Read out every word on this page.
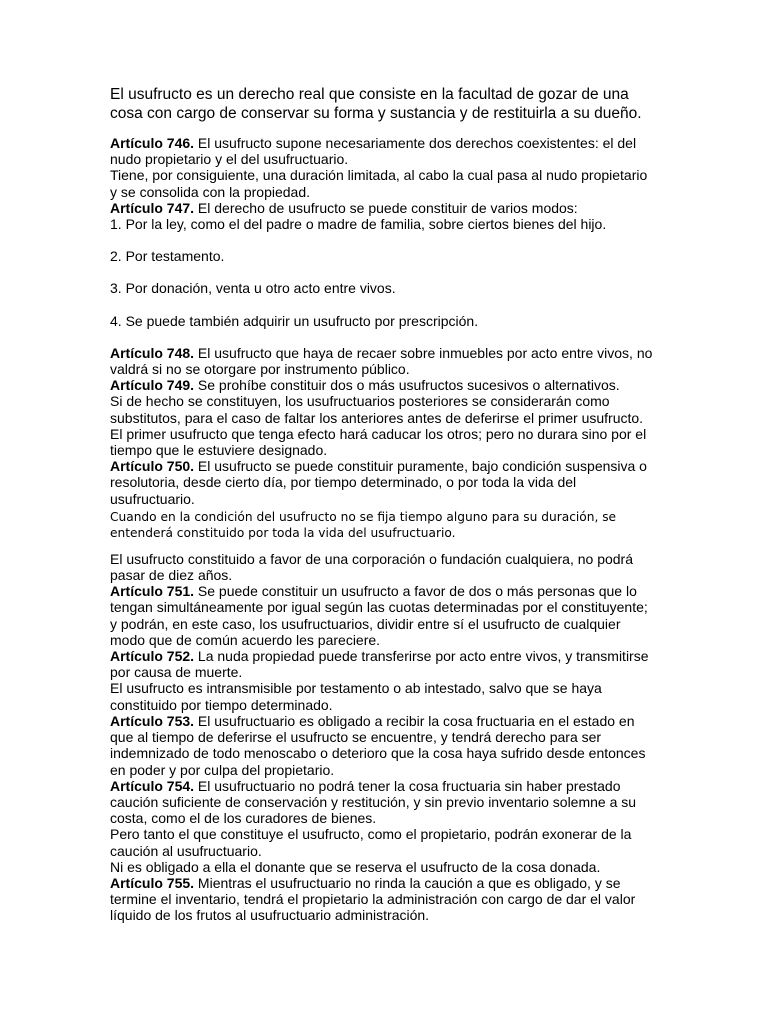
El usufructo es un derecho real que consiste en la facultad de gozar de una cosa con cargo de conservar su forma y sustancia y de restituirla a su dueño.

Artículo 746. El usufructo supone necesariamente dos derechos coexistentes: el del nudo propietario y el del usufructuario.

Tiene, por consiguiente, una duración limitada, al cabo la cual pasa al nudo propietario y se consolida con la propiedad.

Artículo 747. El derecho de usufructo se puede constituir de varios modos:

1. Por la ley, como el del padre o madre de familia, sobre ciertos bienes del hijo.

2. Por testamento.

3. Por donación, venta u otro acto entre vivos.

4. Se puede también adquirir un usufructo por prescripción.

Artículo 748. El usufructo que haya de recaer sobre inmuebles por acto entre vivos, no valdrá si no se otorgare por instrumento público.

Artículo 749. Se prohíbe constituir dos o más usufructos sucesivos o alternativos.

Si de hecho se constituyen, los usufructuarios posteriores se considerarán como substitutos, para el caso de faltar los anteriores antes de deferirse el primer usufructo.

El primer usufructo que tenga efecto hará caducar los otros; pero no durara sino por el tiempo que le estuviere designado.

Artículo 750. El usufructo se puede constituir puramente, bajo condición suspensiva o resolutoria, desde cierto día, por tiempo determinado, o por toda la vida del usufructuario.

Cuando en la condición del usufructo no se fija tiempo alguno para su duración, se entenderá constituido por toda la vida del usufructuario.

El usufructo constituido a favor de una corporación o fundación cualquiera, no podrá pasar de diez años.

Artículo 751. Se puede constituir un usufructo a favor de dos o más personas que lo tengan simultáneamente por igual según las cuotas determinadas por el constituyente; y podrán, en este caso, los usufructuarios, dividir entre sí el usufructo de cualquier modo que de común acuerdo les pareciere.

Artículo 752. La nuda propiedad puede transferirse por acto entre vivos, y transmitirse por causa de muerte.

El usufructo es intransmisible por testamento o ab intestado, salvo que se haya constituido por tiempo determinado.

Artículo 753. El usufructuario es obligado a recibir la cosa fructuaria en el estado en que al tiempo de deferirse el usufructo se encuentre, y tendrá derecho para ser indemnizado de todo menoscabo o deterioro que la cosa haya sufrido desde entonces en poder y por culpa del propietario.

Artículo 754. El usufructuario no podrá tener la cosa fructuaria sin haber prestado caución suficiente de conservación y restitución, y sin previo inventario solemne a su costa, como el de los curadores de bienes.

Pero tanto el que constituye el usufructo, como el propietario, podrán exonerar de la caución al usufructuario.

Ni es obligado a ella el donante que se reserva el usufructo de la cosa donada.

Artículo 755. Mientras el usufructuario no rinda la caución a que es obligado, y se termine el inventario, tendrá el propietario la administración con cargo de dar el valor líquido de los frutos al usufructuario administración.
